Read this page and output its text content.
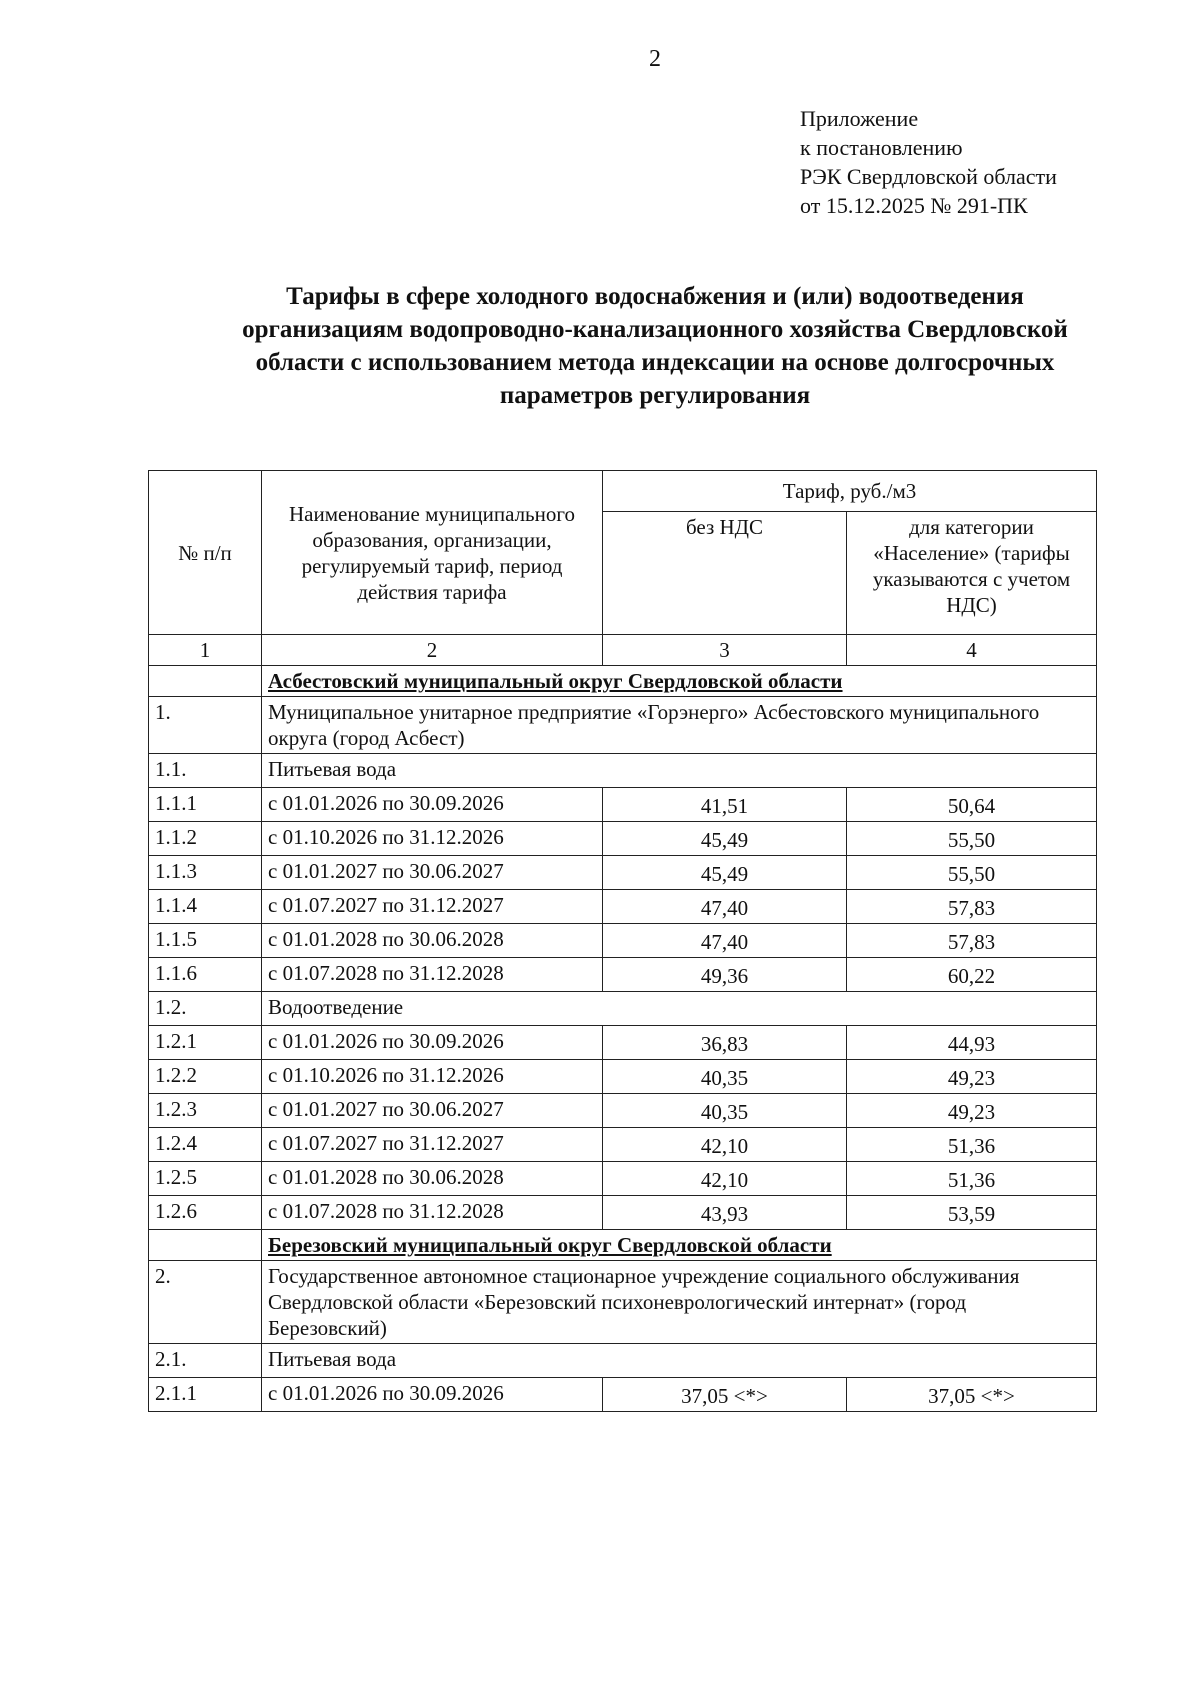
2
Приложение
к постановлению
РЭК Свердловской области
от 15.12.2025 № 291-ПК
Тарифы в сфере холодного водоснабжения и (или) водоотведения
организациям водопроводно-канализационного хозяйства Свердловской
области с использованием метода индексации на основе долгосрочных
параметров регулирования
№ п/п	Наименование муниципального образования, организации, регулируемый тариф, период действия тарифа	Тариф, руб./м3	
		без НДС	для категории «Население» (тарифы указываются с учетом НДС)
1	2	3	4
	Асбестовский муниципальный округ Свердловской области		
1.	Муниципальное унитарное предприятие «Горэнерго» Асбестовского муниципального округа (город Асбест)		
1.1.	Питьевая вода		
1.1.1	с 01.01.2026 по 30.09.2026	41,51	50,64
1.1.2	с 01.10.2026 по 31.12.2026	45,49	55,50
1.1.3	с 01.01.2027 по 30.06.2027	45,49	55,50
1.1.4	с 01.07.2027 по 31.12.2027	47,40	57,83
1.1.5	с 01.01.2028 по 30.06.2028	47,40	57,83
1.1.6	с 01.07.2028 по 31.12.2028	49,36	60,22
1.2.	Водоотведение		
1.2.1	с 01.01.2026 по 30.09.2026	36,83	44,93
1.2.2	с 01.10.2026 по 31.12.2026	40,35	49,23
1.2.3	с 01.01.2027 по 30.06.2027	40,35	49,23
1.2.4	с 01.07.2027 по 31.12.2027	42,10	51,36
1.2.5	с 01.01.2028 по 30.06.2028	42,10	51,36
1.2.6	с 01.07.2028 по 31.12.2028	43,93	53,59
	Березовский муниципальный округ Свердловской области		
2.	Государственное автономное стационарное учреждение социального обслуживания Свердловской области «Березовский психоневрологический интернат» (город Березовский)		
2.1.	Питьевая вода		
2.1.1	с 01.01.2026 по 30.09.2026	37,05 <*>	37,05 <*>
